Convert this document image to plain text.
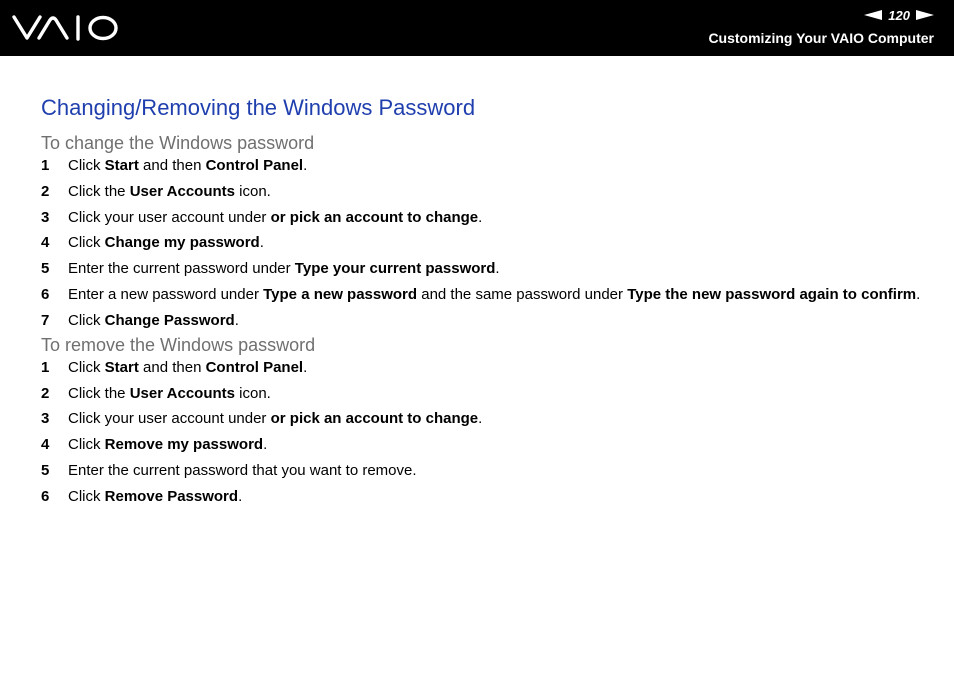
120
Customizing Your VAIO Computer
Changing/Removing the Windows Password
To change the Windows password
1	Click Start and then Control Panel.
2	Click the User Accounts icon.
3	Click your user account under or pick an account to change.
4	Click Change my password.
5	Enter the current password under Type your current password.
6	Enter a new password under Type a new password and the same password under Type the new password again to confirm.
7	Click Change Password.
To remove the Windows password
1	Click Start and then Control Panel.
2	Click the User Accounts icon.
3	Click your user account under or pick an account to change.
4	Click Remove my password.
5	Enter the current password that you want to remove.
6	Click Remove Password.
